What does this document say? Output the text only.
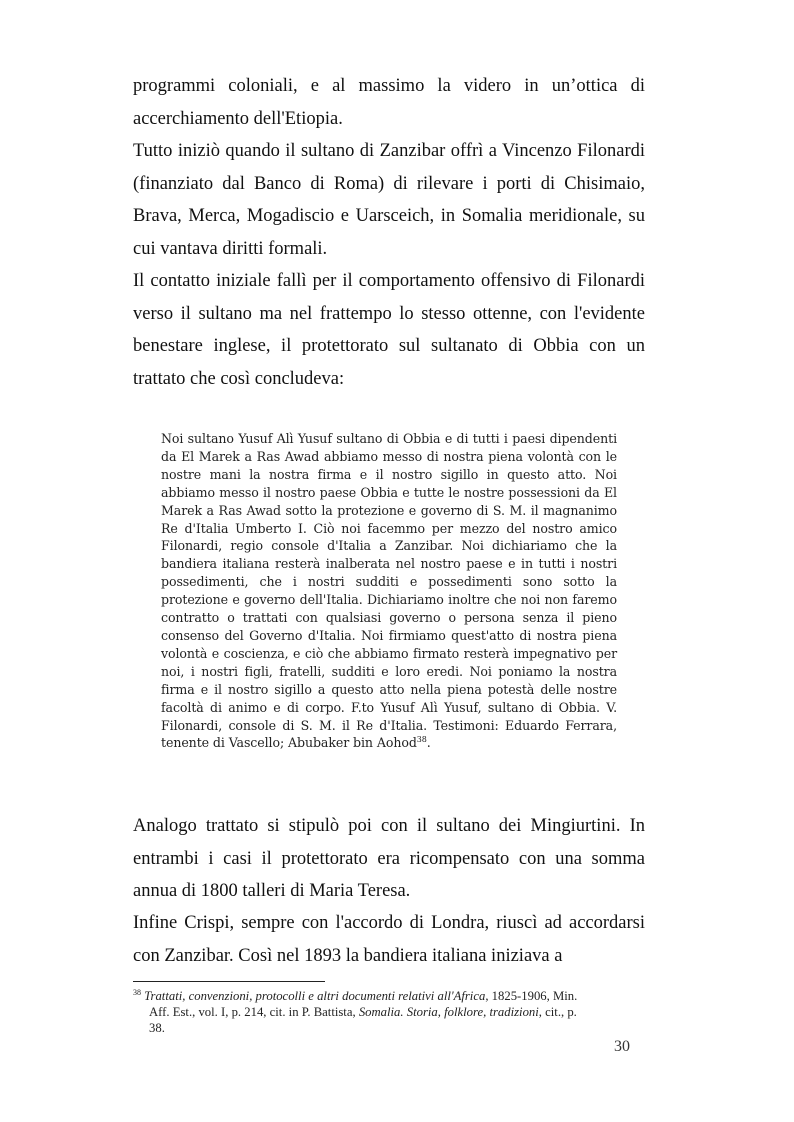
programmi coloniali, e al massimo la videro in un’ottica di accerchiamento dell'Etiopia.

Tutto iniziò quando il sultano di Zanzibar offrì a Vincenzo Filonardi (finanziato dal Banco di Roma) di rilevare i porti di Chisimaio, Brava, Merca, Mogadiscio e Uarsceich, in Somalia meridionale, su cui vantava diritti formali.

Il contatto iniziale fallì per il comportamento offensivo di Filonardi verso il sultano ma nel frattempo lo stesso ottenne, con l'evidente benestare inglese, il protettorato sul sultanato di Obbia con un trattato che così concludeva:

Noi sultano Yusuf Alì Yusuf sultano di Obbia e di tutti i paesi dipendenti da El Marek a Ras Awad abbiamo messo di nostra piena volontà con le nostre mani la nostra firma e il nostro sigillo in questo atto. Noi abbiamo messo il nostro paese Obbia e tutte le nostre possessioni da El Marek a Ras Awad sotto la protezione e governo di S. M. il magnanimo Re d'Italia Umberto I. Ciò noi facemmo per mezzo del nostro amico Filonardi, regio console d'Italia a Zanzibar. Noi dichiariamo che la bandiera italiana resterà inalberata nel nostro paese e in tutti i nostri possedimenti, che i nostri sudditi e possedimenti sono sotto la protezione e governo dell'Italia. Dichiariamo inoltre che noi non faremo contratto o trattati con qualsiasi governo o persona senza il pieno consenso del Governo d'Italia. Noi firmiamo quest'atto di nostra piena volontà e coscienza, e ciò che abbiamo firmato resterà impegnativo per noi, i nostri figli, fratelli, sudditi e loro eredi. Noi poniamo la nostra firma e il nostro sigillo a questo atto nella piena potestà delle nostre facoltà di animo e di corpo. F.to Yusuf Alì Yusuf, sultano di Obbia. V. Filonardi, console di S. M. il Re d'Italia. Testimoni: Eduardo Ferrara, tenente di Vascello; Abubaker bin Aohod$^{38}$.

Analogo trattato si stipulò poi con il sultano dei Mingiurtini. In entrambi i casi il protettorato era ricompensato con una somma annua di 1800 talleri di Maria Teresa.

Infine Crispi, sempre con l'accordo di Londra, riuscì ad accordarsi con Zanzibar. Così nel 1893 la bandiera italiana iniziava a

$^{38}$ Trattati, convenzioni, protocolli e altri documenti relativi all'Africa, 1825-1906, Min.
Aff. Est., vol. I, p. 214, cit. in P. Battista, Somalia. Storia, folklore, tradizioni, cit., p.
38.

30
